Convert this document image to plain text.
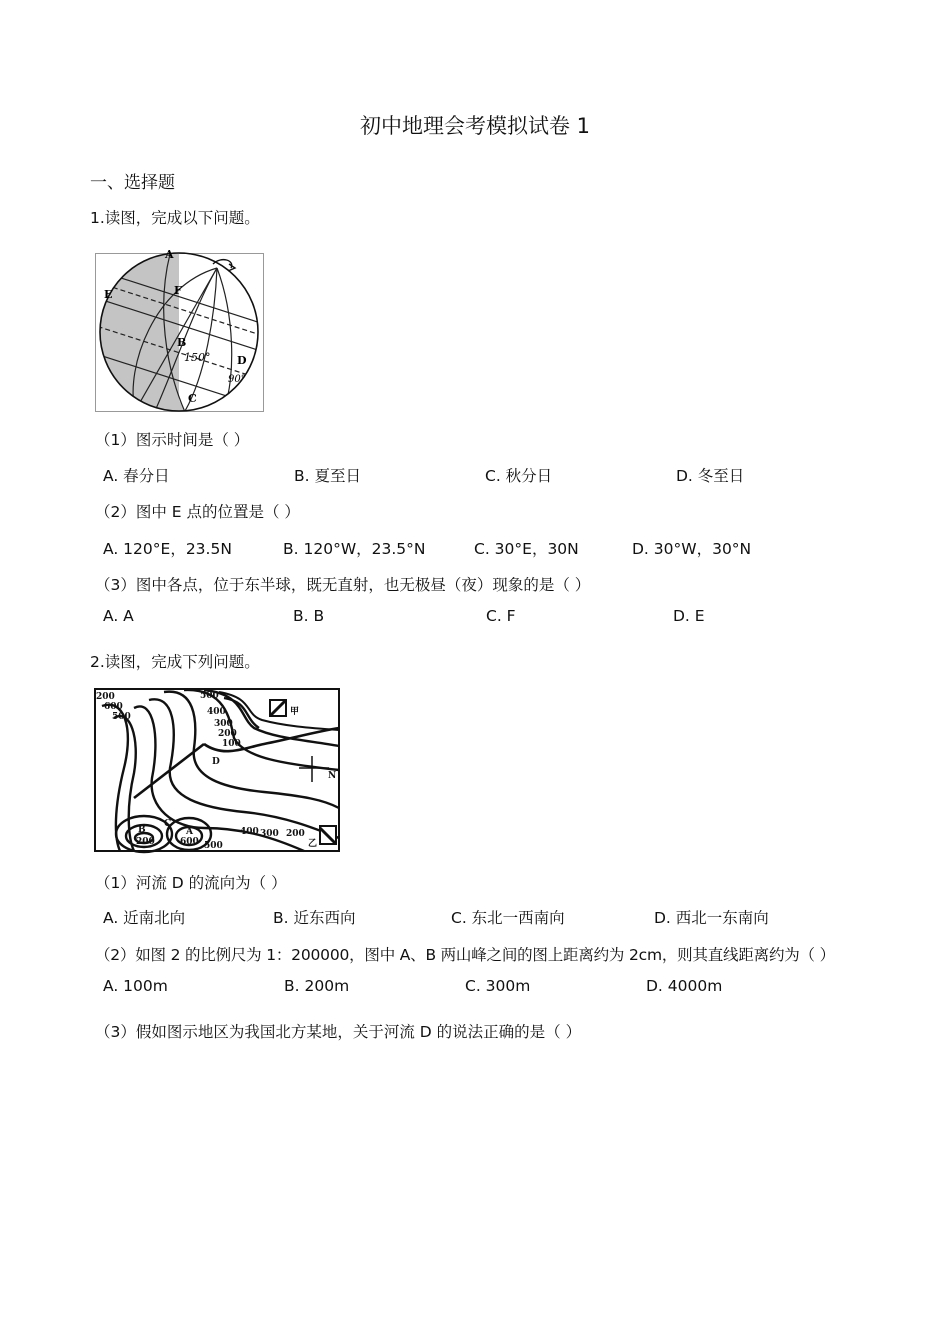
初中地理会考模拟试卷 1
一、选择题
1.读图，完成以下问题。
A
E	F
B
C
D
150°
90°
（1）图示时间是（ ）
A. 春分日	B. 夏至日	C. 秋分日	D. 冬至日
（2）图中 E 点的位置是（ ）
A. 120°E，23.5N	B. 120°W，23.5°N	C. 30°E，30N	D. 30°W，30°N
（3）图中各点，位于东半球，既无直射，也无极昼（夜）现象的是（ ）
A. A	B. B	C. F	D. E
2.读图，完成下列问题。
200
600
500
500
400
300
200
100
D
N
甲
乙
B
C
A
200	600 500
400 300 200
（1）河流 D 的流向为（ ）
A. 近南北向	B. 近东西向	C. 东北一西南向	D. 西北一东南向
（2）如图 2 的比例尺为 1：200000，图中 A、B 两山峰之间的图上距离约为 2cm，则其直线距离约为（ ）
A. 100m	B. 200m	C. 300m	D. 4000m
（3）假如图示地区为我国北方某地，关于河流 D 的说法正确的是（ ）
